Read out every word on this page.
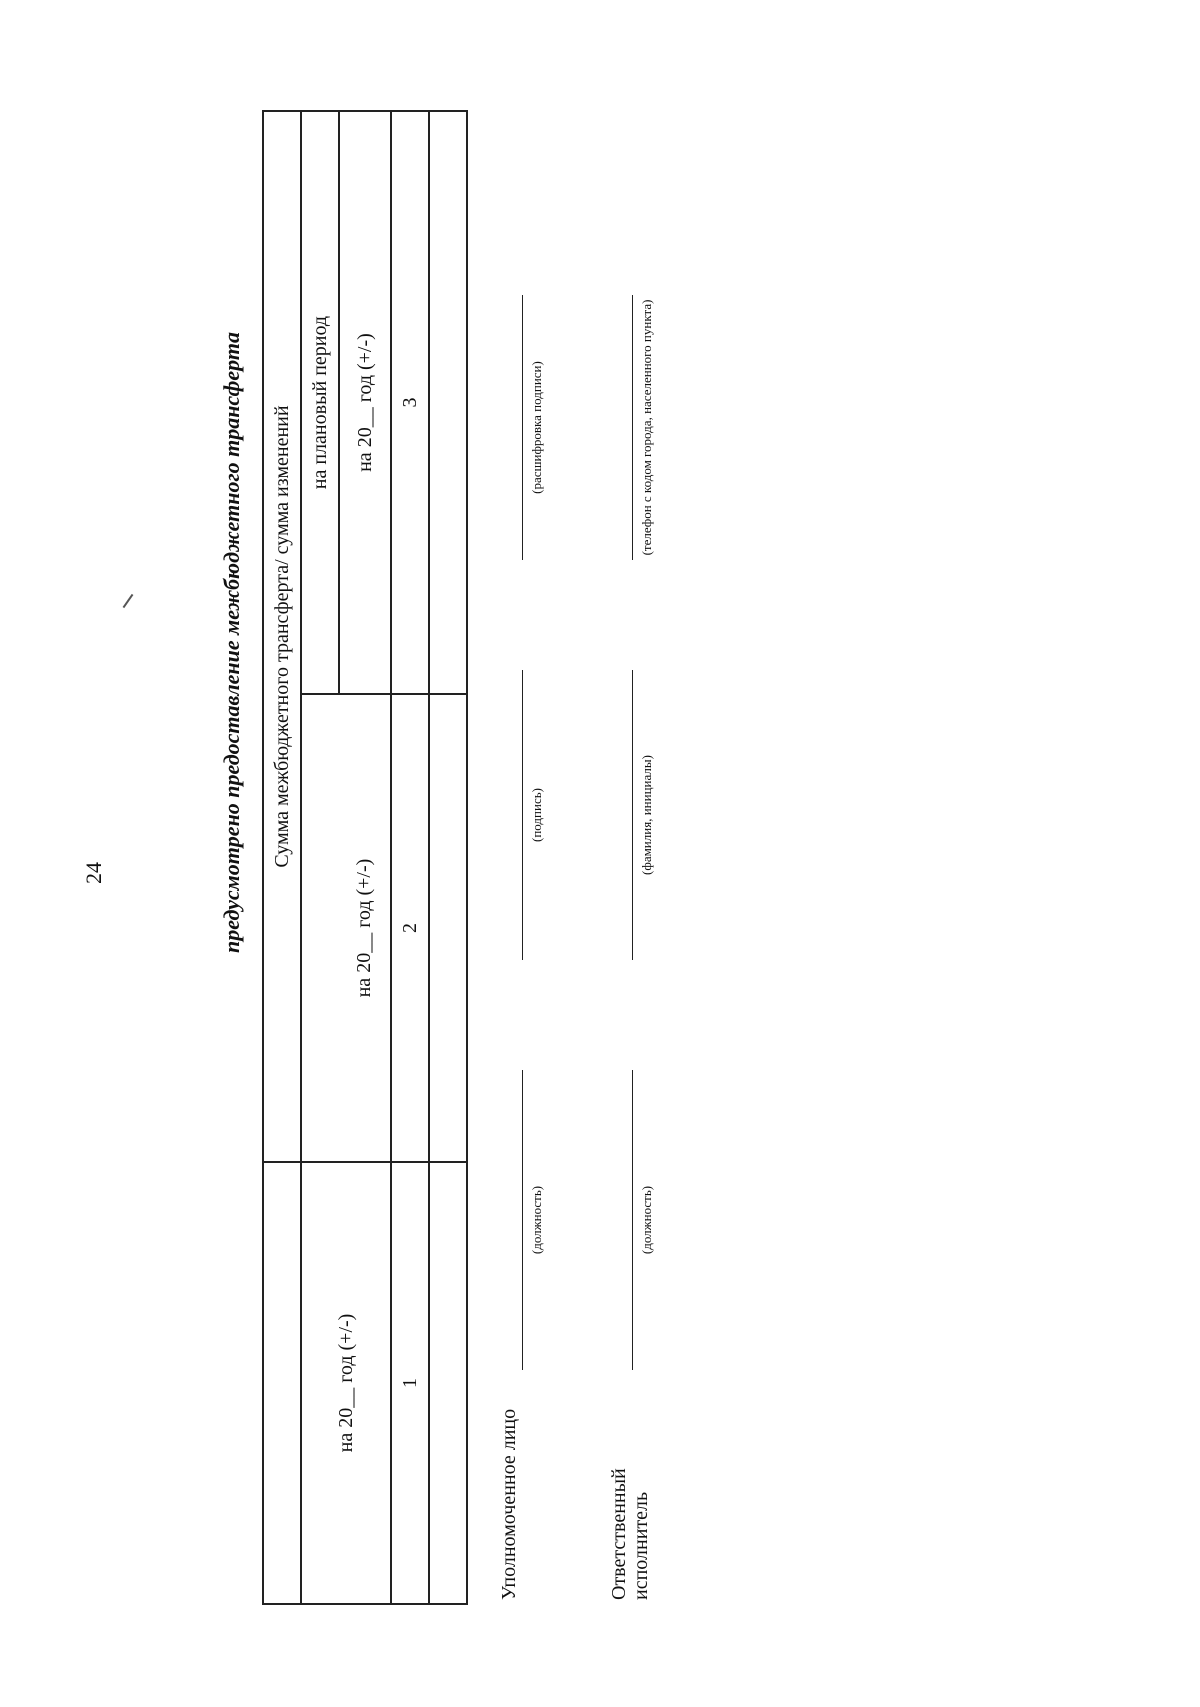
24	предусмотрено предоставление межбюджетного трансферта
		Сумма межбюджетного трансферта/ сумма изменений	
на 20__ год (+/-)		на плановый период
	на 20__ год (+/-)	на 20__ год (+/-)
1	2	3

Уполномоченное лицо
(должность)
(подпись)
(расшифровка подписи)
Ответственный исполнитель
(должность)
(фамилия, инициалы)
(телефон с кодом города, населенного пункта)
